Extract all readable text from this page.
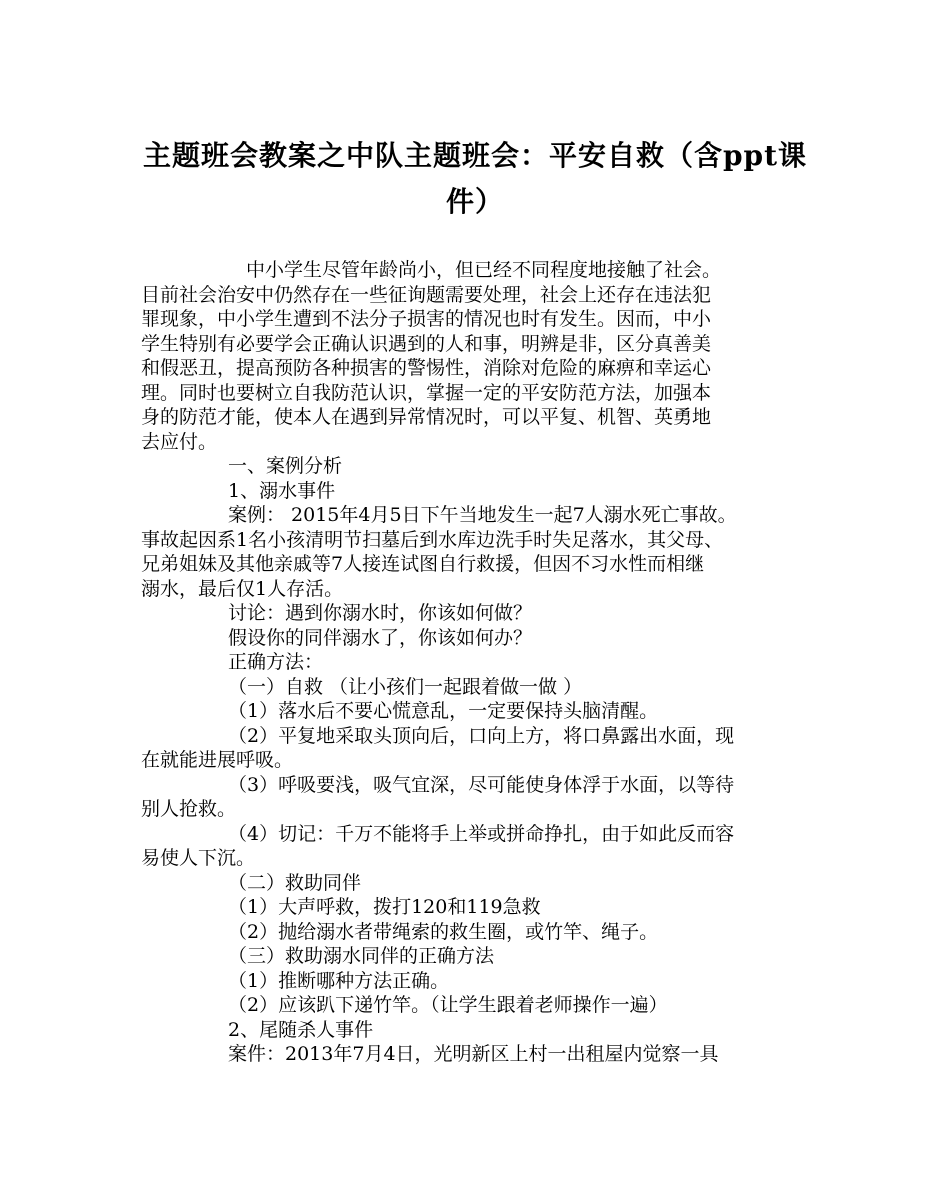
主题班会教案之中队主题班会：平安自救（含ppt课
件）
中小学生尽管年龄尚小，但已经不同程度地接触了社会。
目前社会治安中仍然存在一些征询题需要处理，社会上还存在违法犯
罪现象，中小学生遭到不法分子损害的情况也时有发生。因而，中小
学生特别有必要学会正确认识遇到的人和事，明辨是非，区分真善美
和假恶丑，提高预防各种损害的警惕性，消除对危险的麻痹和幸运心
理。同时也要树立自我防范认识，掌握一定的平安防范方法，加强本
身的防范才能，使本人在遇到异常情况时，可以平复、机智、英勇地
去应付。
一、案例分析
1、溺水事件
案例： 2015年4月5日下午当地发生一起7人溺水死亡事故。
事故起因系1名小孩清明节扫墓后到水库边洗手时失足落水，其父母、
兄弟姐妹及其他亲戚等7人接连试图自行救援，但因不习水性而相继
溺水，最后仅1人存活。
讨论：遇到你溺水时，你该如何做？
假设你的同伴溺水了，你该如何办？
正确方法：
（一）自救 （让小孩们一起跟着做一做 ）
（1）落水后不要心慌意乱，一定要保持头脑清醒。
（2）平复地采取头顶向后，口向上方，将口鼻露出水面，现
在就能进展呼吸。
（3）呼吸要浅，吸气宜深，尽可能使身体浮于水面，以等待
别人抢救。
（4）切记：千万不能将手上举或拼命挣扎，由于如此反而容
易使人下沉。
（二）救助同伴
（1）大声呼救，拨打120和119急救
（2）抛给溺水者带绳索的救生圈，或竹竿、绳子。
（三）救助溺水同伴的正确方法
（1）推断哪种方法正确。
（2）应该趴下递竹竿。（让学生跟着老师操作一遍）
2、尾随杀人事件
案件：2013年7月4日，光明新区上村一出租屋内觉察一具
